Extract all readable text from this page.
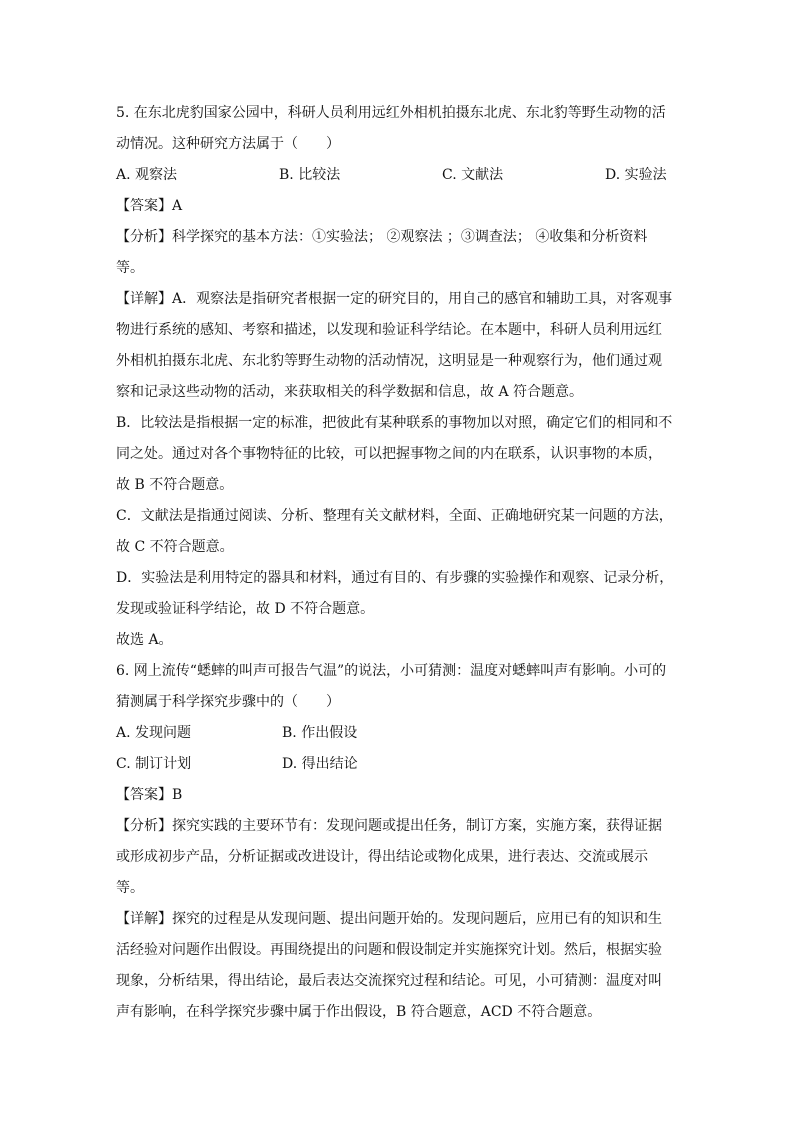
5. 在东北虎豹国家公园中，科研人员利用远红外相机拍摄东北虎、东北豹等野生动物的活
动情况。这种研究方法属于（　　）
A. 观察法	B. 比较法	C. 文献法	D. 实验法
【答案】A
【分析】科学探究的基本方法：①实验法； ②观察法 ；③调查法； ④收集和分析资料
等。
【详解】A．观察法是指研究者根据一定的研究目的，用自己的感官和辅助工具，对客观事
物进行系统的感知、考察和描述，以发现和验证科学结论。在本题中，科研人员利用远红
外相机拍摄东北虎、东北豹等野生动物的活动情况，这明显是一种观察行为，他们通过观
察和记录这些动物的活动，来获取相关的科学数据和信息，故 A 符合题意。
B．比较法是指根据一定的标准，把彼此有某种联系的事物加以对照，确定它们的相同和不
同之处。通过对各个事物特征的比较，可以把握事物之间的内在联系，认识事物的本质，
故 B 不符合题意。
C．文献法是指通过阅读、分析、整理有关文献材料，全面、正确地研究某一问题的方法，
故 C 不符合题意。
D．实验法是利用特定的器具和材料，通过有目的、有步骤的实验操作和观察、记录分析，
发现或验证科学结论，故 D 不符合题意。
故选 A。
6. 网上流传“蟋蟀的叫声可报告气温”的说法，小可猜测：温度对蟋蟀叫声有影响。小可的
猜测属于科学探究步骤中的（　　）
A. 发现问题	B. 作出假设
C. 制订计划	D. 得出结论
【答案】B
【分析】探究实践的主要环节有：发现问题或提出任务，制订方案，实施方案，获得证据
或形成初步产品，分析证据或改进设计，得出结论或物化成果，进行表达、交流或展示
等。
【详解】探究的过程是从发现问题、提出问题开始的。发现问题后，应用已有的知识和生
活经验对问题作出假设。再围绕提出的问题和假设制定并实施探究计划。然后，根据实验
现象，分析结果，得出结论，最后表达交流探究过程和结论。可见，小可猜测：温度对叫
声有影响，在科学探究步骤中属于作出假设，B 符合题意，ACD 不符合题意。
